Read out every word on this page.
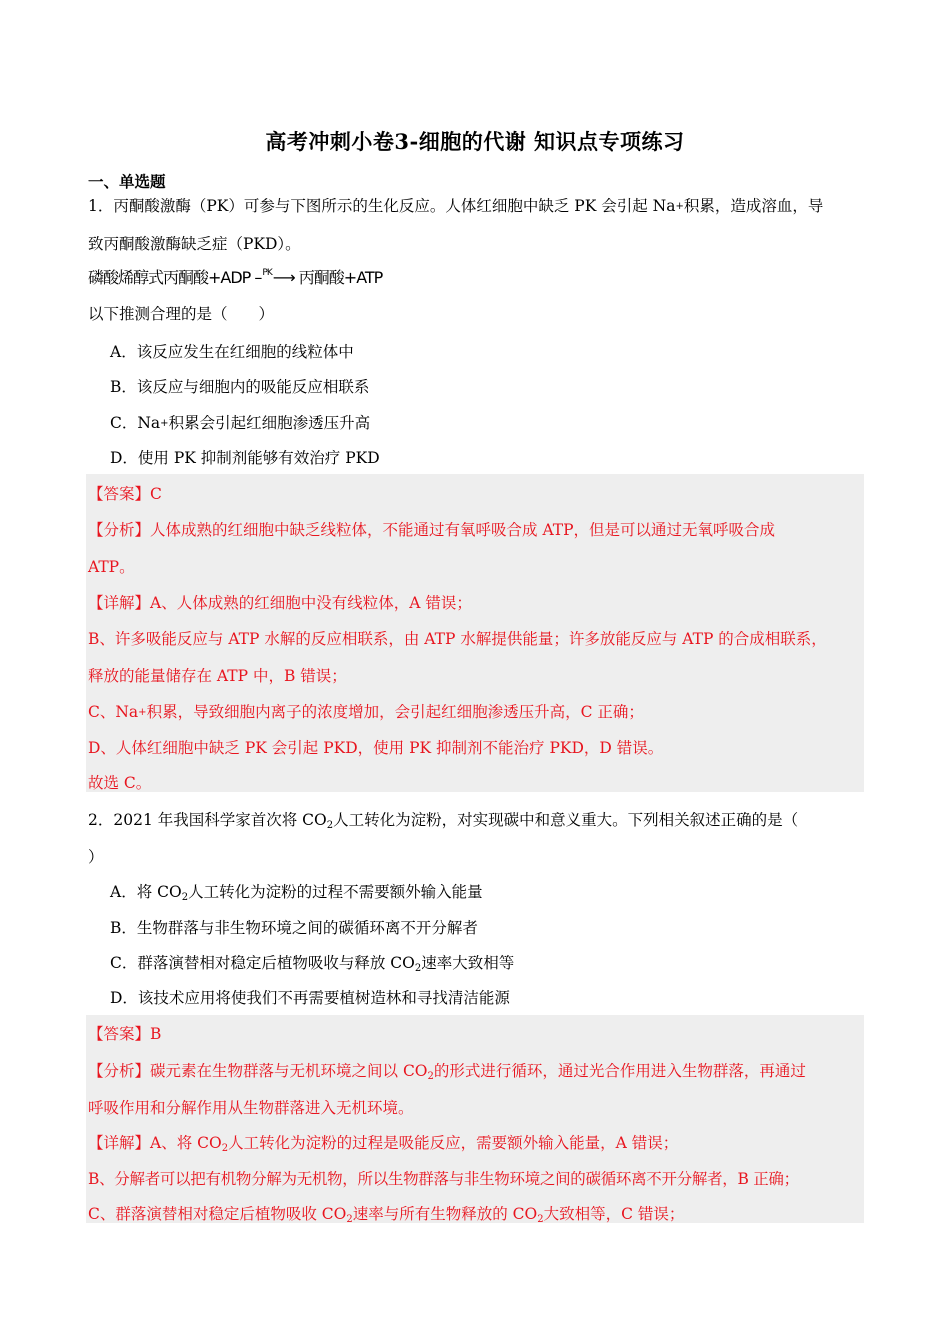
高考冲刺小卷3-细胞的代谢 知识点专项练习
一、单选题
1．丙酮酸激酶（PK）可参与下图所示的生化反应。人体红细胞中缺乏 PK 会引起 Na+积累，造成溶血，导
致丙酮酸激酶缺乏症（PKD）。
磷酸烯醇式丙酮酸+ADP –$^{PK}$⟶ 丙酮酸+ATP
以下推测合理的是（　　）
A．该反应发生在红细胞的线粒体中
B．该反应与细胞内的吸能反应相联系
C．Na+积累会引起红细胞渗透压升高
D．使用 PK 抑制剂能够有效治疗 PKD
【答案】C
【分析】人体成熟的红细胞中缺乏线粒体，不能通过有氧呼吸合成 ATP，但是可以通过无氧呼吸合成
ATP。
【详解】A、人体成熟的红细胞中没有线粒体，A 错误；
B、许多吸能反应与 ATP 水解的反应相联系，由 ATP 水解提供能量；许多放能反应与 ATP 的合成相联系，
释放的能量储存在 ATP 中，B 错误；
C、Na+积累，导致细胞内离子的浓度增加，会引起红细胞渗透压升高，C 正确；
D、人体红细胞中缺乏 PK 会引起 PKD，使用 PK 抑制剂不能治疗 PKD，D 错误。
故选 C。
2．2021 年我国科学家首次将 $CO_2$人工转化为淀粉，对实现碳中和意义重大。下列相关叙述正确的是（
）
A．将 $CO_2$人工转化为淀粉的过程不需要额外输入能量
B．生物群落与非生物环境之间的碳循环离不开分解者
C．群落演替相对稳定后植物吸收与释放 $CO_2$速率大致相等
D．该技术应用将使我们不再需要植树造林和寻找清洁能源
【答案】B
【分析】碳元素在生物群落与无机环境之间以 $CO_2$的形式进行循环，通过光合作用进入生物群落，再通过
呼吸作用和分解作用从生物群落进入无机环境。
【详解】A、将 $CO_2$人工转化为淀粉的过程是吸能反应，需要额外输入能量，A 错误；
B、分解者可以把有机物分解为无机物，所以生物群落与非生物环境之间的碳循环离不开分解者，B 正确；
C、群落演替相对稳定后植物吸收 $CO_2$速率与所有生物释放的 $CO_2$大致相等，C 错误；
